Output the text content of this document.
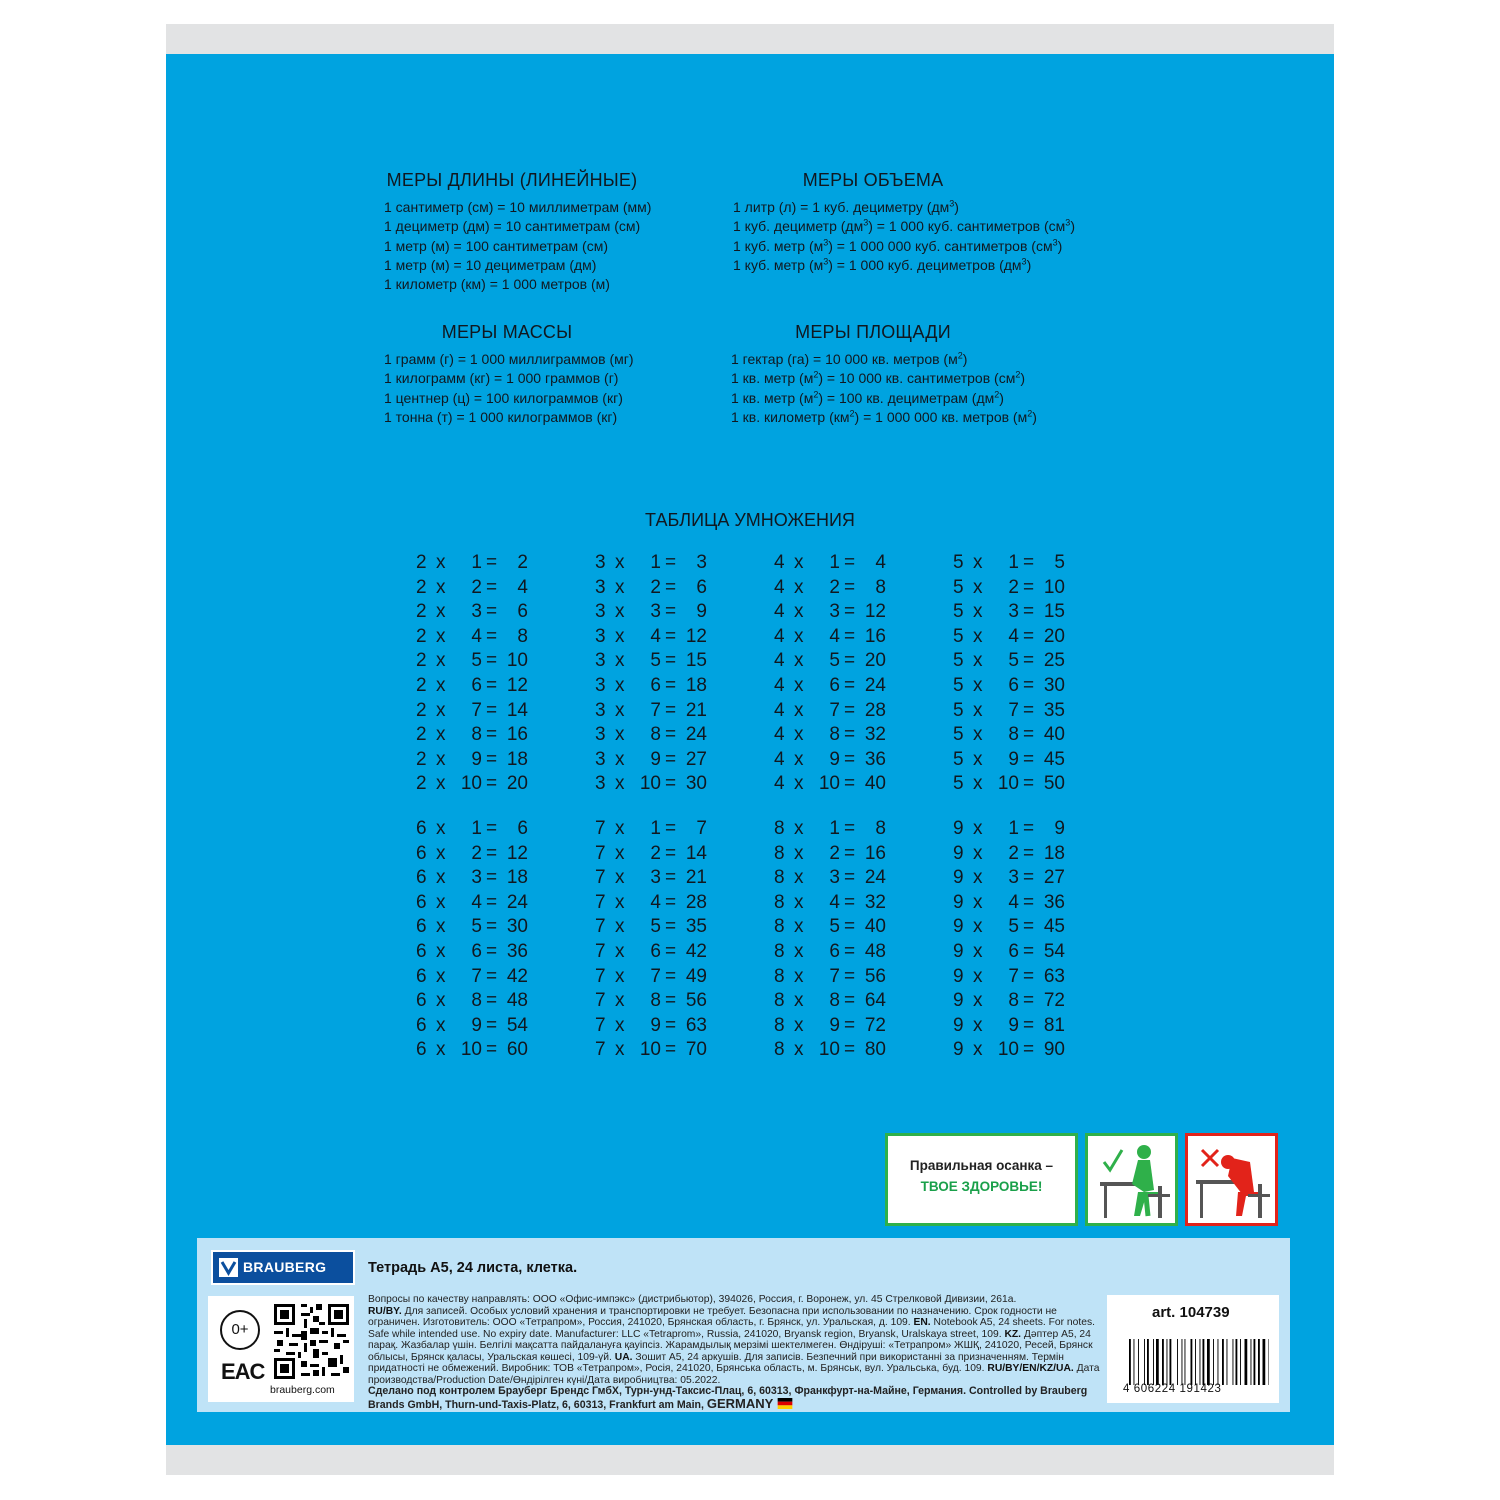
МЕРЫ ДЛИНЫ (ЛИНЕЙНЫЕ)
1 сантиметр (см) = 10 миллиметрам (мм)
1 дециметр (дм) = 10 сантиметрам (см)
1 метр (м) = 100 сантиметрам (см)
1 метр (м) = 10 дециметрам (дм)
1 километр (км) = 1 000 метров (м)
МЕРЫ ОБЪЕМА
1 литр (л) = 1 куб. дециметру $(дм^3)$
1 куб. дециметр $(дм^3) = 1$ 000 куб. сантиметров $(см^3)$
1 куб. метр $(м^3) = 1$ 000 000 куб. сантиметров $(см^3)$
1 куб. метр $(м^3) = 1$ 000 куб. дециметров $(дм^3)$
МЕРЫ МАССЫ
1 грамм (г) = 1 000 миллиграммов (мг)
1 килограмм (кг) = 1 000 граммов (г)
1 центнер (ц) = 100 килограммов (кг)
1 тонна (т) = 1 000 килограммов (кг)
МЕРЫ ПЛОЩАДИ
1 гектар (га) = 10 000 кв. метров $(м^2)$
1 кв. метр $(м^2) = 10$ 000 кв. сантиметров $(см^2)$
1 кв. метр $(м^2) = 100$ кв. дециметрам $(дм^2)$
1 кв. километр $(км^2) = 1$ 000 000 кв. метров $(м^2)$
ТАБЛИЦА УМНОЖЕНИЯ
2 x	1 =	2
2 x	2 =	4
2 x	3 =	6
2 x	4 =	8
2 x	5 = 10
2 x	6 = 12
2 x	7 = 14
2 x	8 = 16
2 x	9 = 18
2 x 10 = 20
3 x	1 =	3
3 x	2 =	6
3 x	3 =	9
3 x	4 = 12
3 x	5 = 15
3 x	6 = 18
3 x	7 = 21
3 x	8 = 24
3 x	9 = 27
3 x 10 = 30
4 x	1 =	4
4 x	2 =	8
4 x	3 = 12
4 x	4 = 16
4 x	5 = 20
4 x	6 = 24
4 x	7 = 28
4 x	8 = 32
4 x	9 = 36
4 x 10 = 40
5 x	1 =	5
5 x	2 = 10
5 x	3 = 15
5 x	4 = 20
5 x	5 = 25
5 x	6 = 30
5 x	7 = 35
5 x	8 = 40
5 x	9 = 45
5 x 10 = 50
6 x	1 =	6
6 x	2 = 12
6 x	3 = 18
6 x	4 = 24
6 x	5 = 30
6 x	6 = 36
6 x	7 = 42
6 x	8 = 48
6 x	9 = 54
6 x 10 = 60
7 x	1 =	7
7 x	2 = 14
7 x	3 = 21
7 x	4 = 28
7 x	5 = 35
7 x	6 = 42
7 x	7 = 49
7 x	8 = 56
7 x	9 = 63
7 x 10 = 70
8 x	1 =	8
8 x	2 = 16
8 x	3 = 24
8 x	4 = 32
8 x	5 = 40
8 x	6 = 48
8 x	7 = 56
8 x	8 = 64
8 x	9 = 72
8 x 10 = 80
9 x	1 =	9
9 x	2 = 18
9 x	3 = 27
9 x	4 = 36
9 x	5 = 45
9 x	6 = 54
9 x	7 = 63
9 x	8 = 72
9 x	9 = 81
9 x 10 = 90
Правильная осанка –
ТВОЕ ЗДОРОВЬЕ!
BRAUBERG	Тетрадь А5, 24 листа, клетка.
0+
EAC
brauberg.com
Вопросы по качеству направлять: ООО «Офис-импэкс» (дистрибьютор), 394026, Россия, г. Воронеж, ул. 45 Стрелковой Дивизии, 261а.
RU/BY. Для записей. Особых условий хранения и транспортировки не требует. Безопасна при использовании по назначению. Срок годности не ограничен. Изготовитель: ООО «Тетрапром», Россия, 241020, Брянская область, г. Брянск, ул. Уральская, д. 109. EN. Notebook A5, 24 sheets. For notes. Safe while intended use. No expiry date. Manufacturer: LLC «Tetraprom», Russia, 241020, Bryansk region, Bryansk, Uralskaya street, 109. KZ. Дәптер А5, 24 парақ. Жазбалар үшін. Белгілі мақсатта пайдалануға қауіпсіз. Жарамдылық мерзімі шектелмеген. Өндіруші: «Тетрапром» ЖШҚ, 241020, Ресей, Брянск облысы, Брянск қаласы, Уральская көшесі, 109-үй. UA. Зошит А5, 24 аркушів. Для записів. Безпечний при використанні за призначенням. Термін придатності не обмежений. Виробник: ТОВ «Тетрапром», Росія, 241020, Брянська область, м. Брянськ, вул. Уральська, буд. 109. RU/BY/EN/KZ/UA. Дата производства/Production Date/Өндірілген күні/Дата виробництва: 05.2022.
Сделано под контролем Брауберг Брендс ГмбХ, Турн-унд-Таксис-Плац, 6, 60313, Франкфурт-на-Майне, Германия. Controlled by Brauberg Brands GmbH, Thurn-und-Taxis-Platz, 6, 60313, Frankfurt am Main, GERMANY
art. 104739
4 606224 191423
